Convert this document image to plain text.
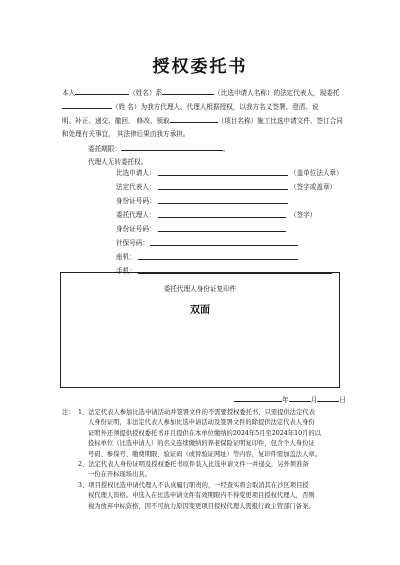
授权委托书
本人	（姓名）系	（比选申请人名称）的法定代表人，现委托
（姓 名）为我方代理人。代理人根据授权，以我方名义签署、澄清、说
明、补正、递交、撤回、 修改、领取	（项目名称）施工比选申请文件、签订合同
和处理有关事宜， 其法律后果由我方承担。
委托期限：	。
代理人无转委托权。
比选申请人：	（盖单位法人章）
法定代表人：	（签字或盖章）
身份证号码：
委托代理人：	（签字）
身份证号码：
社保号码：
座机：
手机：
委托代理人身份证复印件
双面
年	月	日
注： 1、法定代表人参加比选申请活动并签署文件的不需要授权委托书，只需提供法定代表
人身份证明，非法定代表人参加比选申请活动及签署文件的除提供法定代表人身份
证明外还须提供授权委托书并且提供在本单位缴纳的2024年5月至2024年10月的以
投标单位（比选申请人）的名义连续缴纳的养老保险证明复印件，包含个人身份证
号码、参保号、缴费期限、验证码（或替验证网址）等内容，复印件需加盖法人章。
2、法定代表人身份证明及授权委托书原件装入比选申请文件一并递交，另外须准备
一份在开标现场出具。
3、项目授权比选申请代理人不认真履行职责的，一经查实将会取消其在沙区项目授
权代理人资格。申选入在比选申请文件有效期限内不得变更项目授权代理人，否则
视为放弃中标资格，因不可抗力原因变更项目授权代理人需报行政主管部门备案。
